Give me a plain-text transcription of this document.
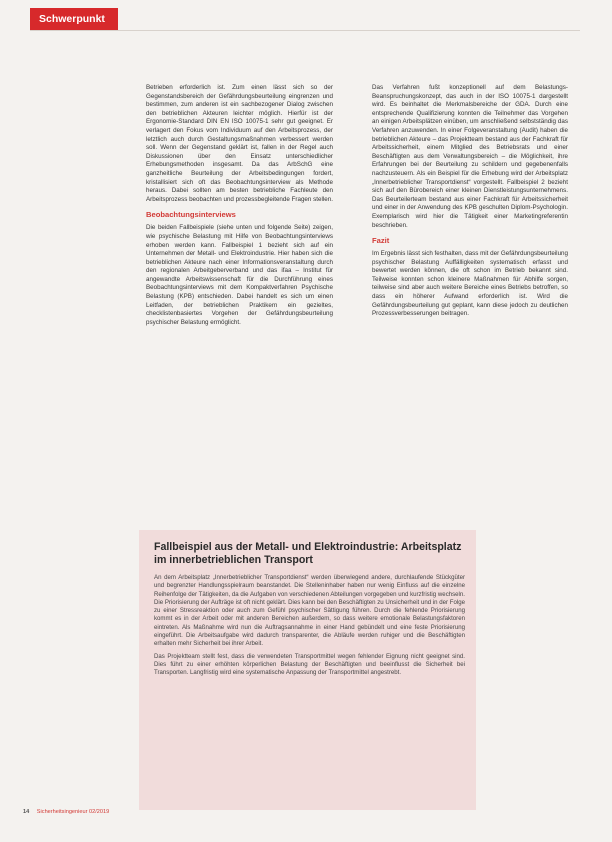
Schwerpunkt

Betrieben erforderlich ist. Zum einen lässt sich so der Gegenstandsbereich der Gefährdungsbeurteilung eingrenzen und bestimmen, zum anderen ist ein sachbezogener Dialog zwischen den betrieblichen Akteuren leichter möglich. Hierfür ist der Ergonomie-Standard DIN EN ISO 10075-1 sehr gut geeignet. Er verlagert den Fokus vom Individuum auf den Arbeitsprozess, der letztlich auch durch Gestaltungsmaßnahmen verbessert werden soll. Wenn der Gegenstand geklärt ist, fallen in der Regel auch Diskussionen über den Einsatz unterschiedlicher Erhebungsmethoden insgesamt. Da das ArbSchG eine ganzheitliche Beurteilung der Arbeitsbedingungen fordert, kristallisiert sich oft das Beobachtungsinterview als Methode heraus. Dabei sollten am besten betriebliche Fachleute den Arbeitsprozess beobachten und prozessbegleitende Fragen stellen.

Beobachtungsinterviews

Die beiden Fallbeispiele (siehe unten und folgende Seite) zeigen, wie psychische Belastung mit Hilfe von Beobachtungsinterviews erhoben werden kann. Fallbeispiel 1 bezieht sich auf ein Unternehmen der Metall- und Elektroindustrie. Hier haben sich die betrieblichen Akteure nach einer Informationsveranstaltung durch den regionalen Arbeitgeberverband und das ifaa – Institut für angewandte Arbeitswissenschaft für die Durchführung eines Beobachtungsinterviews mit dem Kompaktverfahren Psychische Belastung (KPB) entschieden. Dabei handelt es sich um einen Leitfaden, der betrieblichen Praktikern ein gezieltes, checklistenbasiertes Vorgehen der Gefährdungsbeurteilung psychischer Belastung ermöglicht.

Das Verfahren fußt konzeptionell auf dem Belastungs-Beanspruchungskonzept, das auch in der ISO 10075-1 dargestellt wird. Es beinhaltet die Merkmalsbereiche der GDA. Durch eine entsprechende Qualifizierung konnten die Teilnehmer das Vorgehen an einigen Arbeitsplätzen einüben, um anschließend selbstständig das Verfahren anzuwenden. In einer Folgeveranstaltung (Audit) haben die betrieblichen Akteure – das Projektteam bestand aus der Fachkraft für Arbeitssicherheit, einem Mitglied des Betriebsrats und einer Beschäftigten aus dem Verwaltungsbereich – die Möglichkeit, ihre Erfahrungen bei der Beurteilung zu schildern und gegebenenfalls nachzusteuern. Als ein Beispiel für die Erhebung wird der Arbeitsplatz „Innerbetrieblicher Transportdienst“ vorgestellt. Fallbeispiel 2 bezieht sich auf den Bürobereich einer kleinen Dienstleistungsunternehmens. Das Beurteilerteam bestand aus einer Fachkraft für Arbeitssicherheit und einer in der Anwendung des KPB geschulten Diplom-Psychologin. Exemplarisch wird hier die Tätigkeit einer Marketingreferentin beschrieben.

Fazit

Im Ergebnis lässt sich festhalten, dass mit der Gefährdungsbeurteilung psychischer Belastung Auffälligkeiten systematisch erfasst und bewertet werden können, die oft schon im Betrieb bekannt sind. Teilweise konnten schon kleinere Maßnahmen für Abhilfe sorgen, teilweise sind aber auch weitere Bereiche eines Betriebs betroffen, so dass ein höherer Aufwand erforderlich ist. Wird die Gefährdungsbeurteilung gut geplant, kann diese jedoch zu deutlichen Prozessverbesserungen beitragen.

Fallbeispiel aus der Metall- und Elektroindustrie: Arbeitsplatz im innerbetrieblichen Transport

An dem Arbeitsplatz „Innerbetrieblicher Transportdienst“ werden überwiegend andere, durchlaufende Stückgüter und begrenzter Handlungsspielraum beanstandet. Die Stelleninhaber haben nur wenig Einfluss auf die einzelne Reihenfolge der Tätigkeiten, da die Aufgaben von verschiedenen Abteilungen vorgegeben und kurzfristig wechseln. Die Priorisierung der Aufträge ist oft nicht geklärt. Dies kann bei den Beschäftigten zu Unsicherheit und in der Folge zu einer Stressreaktion oder auch zum Gefühl psychischer Sättigung führen. Durch die fehlende Priorisierung kommt es in der Arbeit oder mit anderen Bereichen außerdem, so dass weitere emotionale Belastungsfaktoren eintreten. Als Maßnahme wird nun die Auftragsannahme in einer Hand gebündelt und eine feste Priorisierung eingeführt. Die Arbeitsaufgabe wird dadurch transparenter, die Abläufe werden ruhiger und die Beschäftigten erhalten mehr Sicherheit bei ihrer Arbeit.

Das Projektteam stellt fest, dass die verwendeten Transportmittel wegen fehlender Eignung nicht geeignet sind. Dies führt zu einer erhöhten körperlichen Belastung der Beschäftigten und beeinflusst die Sicherheit bei Transporten. Langfristig wird eine systematische Anpassung der Transportmittel angestrebt.

14 Sicherheitsingenieur 02/2019
